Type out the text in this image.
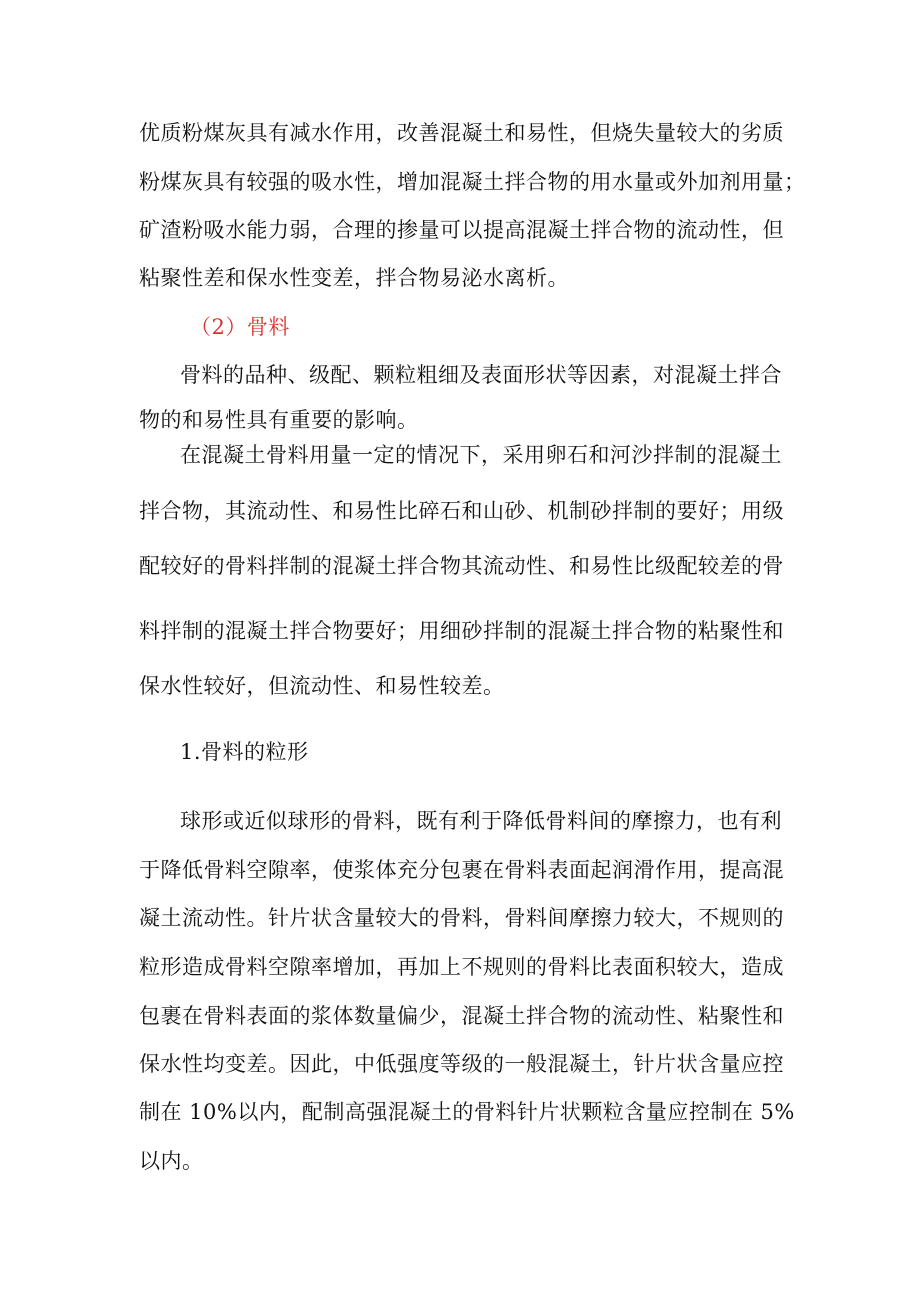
优质粉煤灰具有减水作用，改善混凝土和易性，但烧失量较大的劣质
粉煤灰具有较强的吸水性，增加混凝土拌合物的用水量或外加剂用量；
矿渣粉吸水能力弱，合理的掺量可以提高混凝土拌合物的流动性，但
粘聚性差和保水性变差，拌合物易泌水离析。
（2）骨料
骨料的品种、级配、颗粒粗细及表面形状等因素，对混凝土拌合
物的和易性具有重要的影响。
在混凝土骨料用量一定的情况下，采用卵石和河沙拌制的混凝土
拌合物，其流动性、和易性比碎石和山砂、机制砂拌制的要好；用级
配较好的骨料拌制的混凝土拌合物其流动性、和易性比级配较差的骨
料拌制的混凝土拌合物要好；用细砂拌制的混凝土拌合物的粘聚性和
保水性较好，但流动性、和易性较差。
1.骨料的粒形
球形或近似球形的骨料，既有利于降低骨料间的摩擦力，也有利
于降低骨料空隙率，使浆体充分包裹在骨料表面起润滑作用，提高混
凝土流动性。针片状含量较大的骨料，骨料间摩擦力较大，不规则的
粒形造成骨料空隙率增加，再加上不规则的骨料比表面积较大，造成
包裹在骨料表面的浆体数量偏少，混凝土拌合物的流动性、粘聚性和
保水性均变差。因此，中低强度等级的一般混凝土，针片状含量应控
制在 10%以内，配制高强混凝土的骨料针片状颗粒含量应控制在 5%
以内。
